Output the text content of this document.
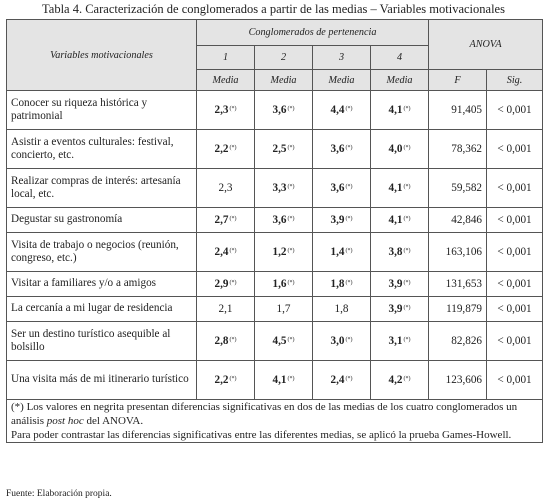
Tabla 4. Caracterización de conglomerados a partir de las medias – Variables motivacionales
Variables motivacionales	Conglomerados de pertenencia				ANOVA	
	1	2	3	4		
	Media	Media	Media	Media	F	Sig.
Conocer su riqueza histórica y patrimonial	2,3(*)	3,6(*)	4,4(*)	4,1(*)	91,405	< 0,001
Asistir a eventos culturales: festival, concierto, etc.	2,2(*)	2,5(*)	3,6(*)	4,0(*)	78,362	< 0,001
Realizar compras de interés: artesanía local, etc.	2,3	3,3(*)	3,6(*)	4,1(*)	59,582	< 0,001
Degustar su gastronomía	2,7(*)	3,6(*)	3,9(*)	4,1(*)	42,846	< 0,001
Visita de trabajo o negocios (reunión, congreso, etc.)	2,4(*)	1,2(*)	1,4(*)	3,8(*)	163,106	< 0,001
Visitar a familiares y/o a amigos	2,9(*)	1,6(*)	1,8(*)	3,9(*)	131,653	< 0,001
La cercanía a mi lugar de residencia	2,1	1,7	1,8	3,9(*)	119,879	< 0,001
Ser un destino turístico asequible al bolsillo	2,8(*)	4,5(*)	3,0(*)	3,1(*)	82,826	< 0,001
Una visita más de mi itinerario turístico	2,2(*)	4,1(*)	2,4(*)	4,2(*)	123,606	< 0,001

(*) Los valores en negrita presentan diferencias significativas en dos de las medias de los cuatro conglomerados un análisis post hoc del ANOVA.

Para poder contrastar las diferencias significativas entre las diferentes medias, se aplicó la prueba Games-Howell.						

Fuente: Elaboración propia.
